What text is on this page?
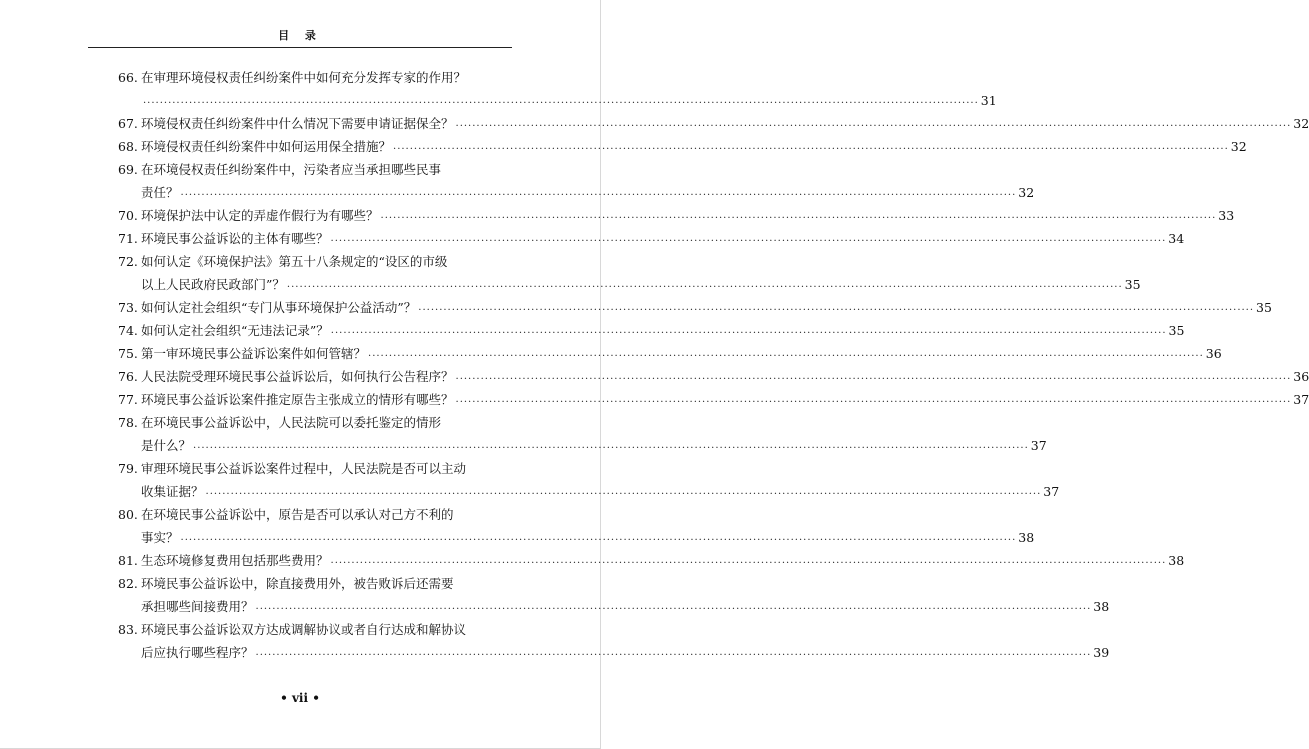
目 录
66. 在审理环境侵权责任纠纷案件中如何充分发挥专家的作用？
........................................................................................................................................................................................................ 31
67. 环境侵权责任纠纷案件中什么情况下需要申请证据保全？ ........................................................................................................................................................................................................ 32
68. 环境侵权责任纠纷案件中如何运用保全措施？ ........................................................................................................................................................................................................ 32
69. 在环境侵权责任纠纷案件中，污染者应当承担哪些民事
责任？ ........................................................................................................................................................................................................ 32
70. 环境保护法中认定的弄虚作假行为有哪些？ ........................................................................................................................................................................................................ 33
71. 环境民事公益诉讼的主体有哪些？ ........................................................................................................................................................................................................ 34
72. 如何认定《环境保护法》第五十八条规定的“设区的市级
以上人民政府民政部门”？ ........................................................................................................................................................................................................ 35
73. 如何认定社会组织“专门从事环境保护公益活动”？ ........................................................................................................................................................................................................ 35
74. 如何认定社会组织“无违法记录”？ ........................................................................................................................................................................................................ 35
75. 第一审环境民事公益诉讼案件如何管辖？ ........................................................................................................................................................................................................ 36
76. 人民法院受理环境民事公益诉讼后，如何执行公告程序？ ........................................................................................................................................................................................................ 36
77. 环境民事公益诉讼案件推定原告主张成立的情形有哪些？ ........................................................................................................................................................................................................ 37
78. 在环境民事公益诉讼中，人民法院可以委托鉴定的情形
是什么？ ........................................................................................................................................................................................................ 37
79. 审理环境民事公益诉讼案件过程中，人民法院是否可以主动
收集证据？ ........................................................................................................................................................................................................ 37
80. 在环境民事公益诉讼中，原告是否可以承认对己方不利的
事实？ ........................................................................................................................................................................................................ 38
81. 生态环境修复费用包括那些费用？ ........................................................................................................................................................................................................ 38
82. 环境民事公益诉讼中，除直接费用外，被告败诉后还需要
承担哪些间接费用？ ........................................................................................................................................................................................................ 38
83. 环境民事公益诉讼双方达成调解协议或者自行达成和解协议
后应执行哪些程序？ ........................................................................................................................................................................................................ 39
• vii •
